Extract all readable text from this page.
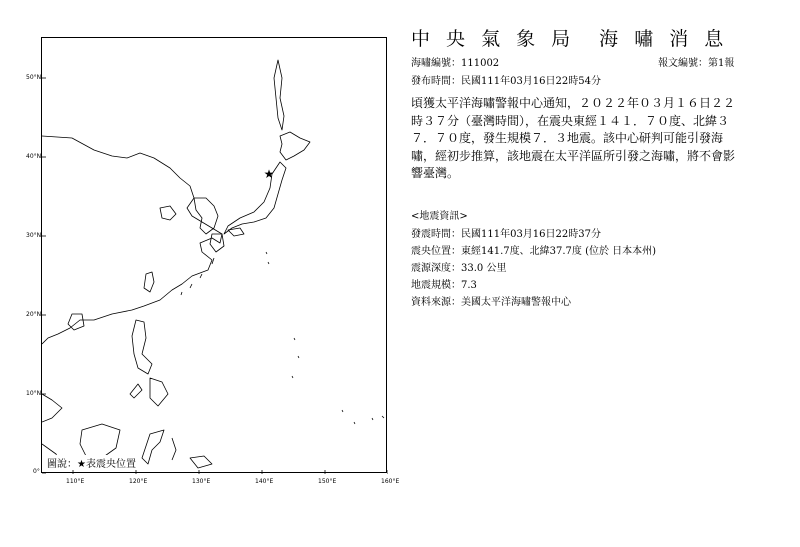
★
50°N
40°N
30°N
20°N
10°N
0°
110°E	120°E	130°E	140°E	150°E	160°E
圖說：★表震央位置
中 央 氣 象 局　海 嘯 消 息
海嘯編號：111002	報文編號：第1報
發布時間：民國111年03月16日22時54分
頃獲太平洋海嘯警報中心通知，２０２２年０３月１６日２２時３７分（臺灣時間），在震央東經１４１．７０度、北緯３７．７０度，發生規模７．３地震。該中心研判可能引發海嘯，經初步推算，該地震在太平洋區所引發之海嘯，將不會影響臺灣。
<地震資訊>
發震時間：民國111年03月16日22時37分
震央位置：東經141.7度、北緯37.7度 (位於 日本本州)
震源深度：33.0 公里
地震規模：7.3
資料來源：美國太平洋海嘯警報中心
